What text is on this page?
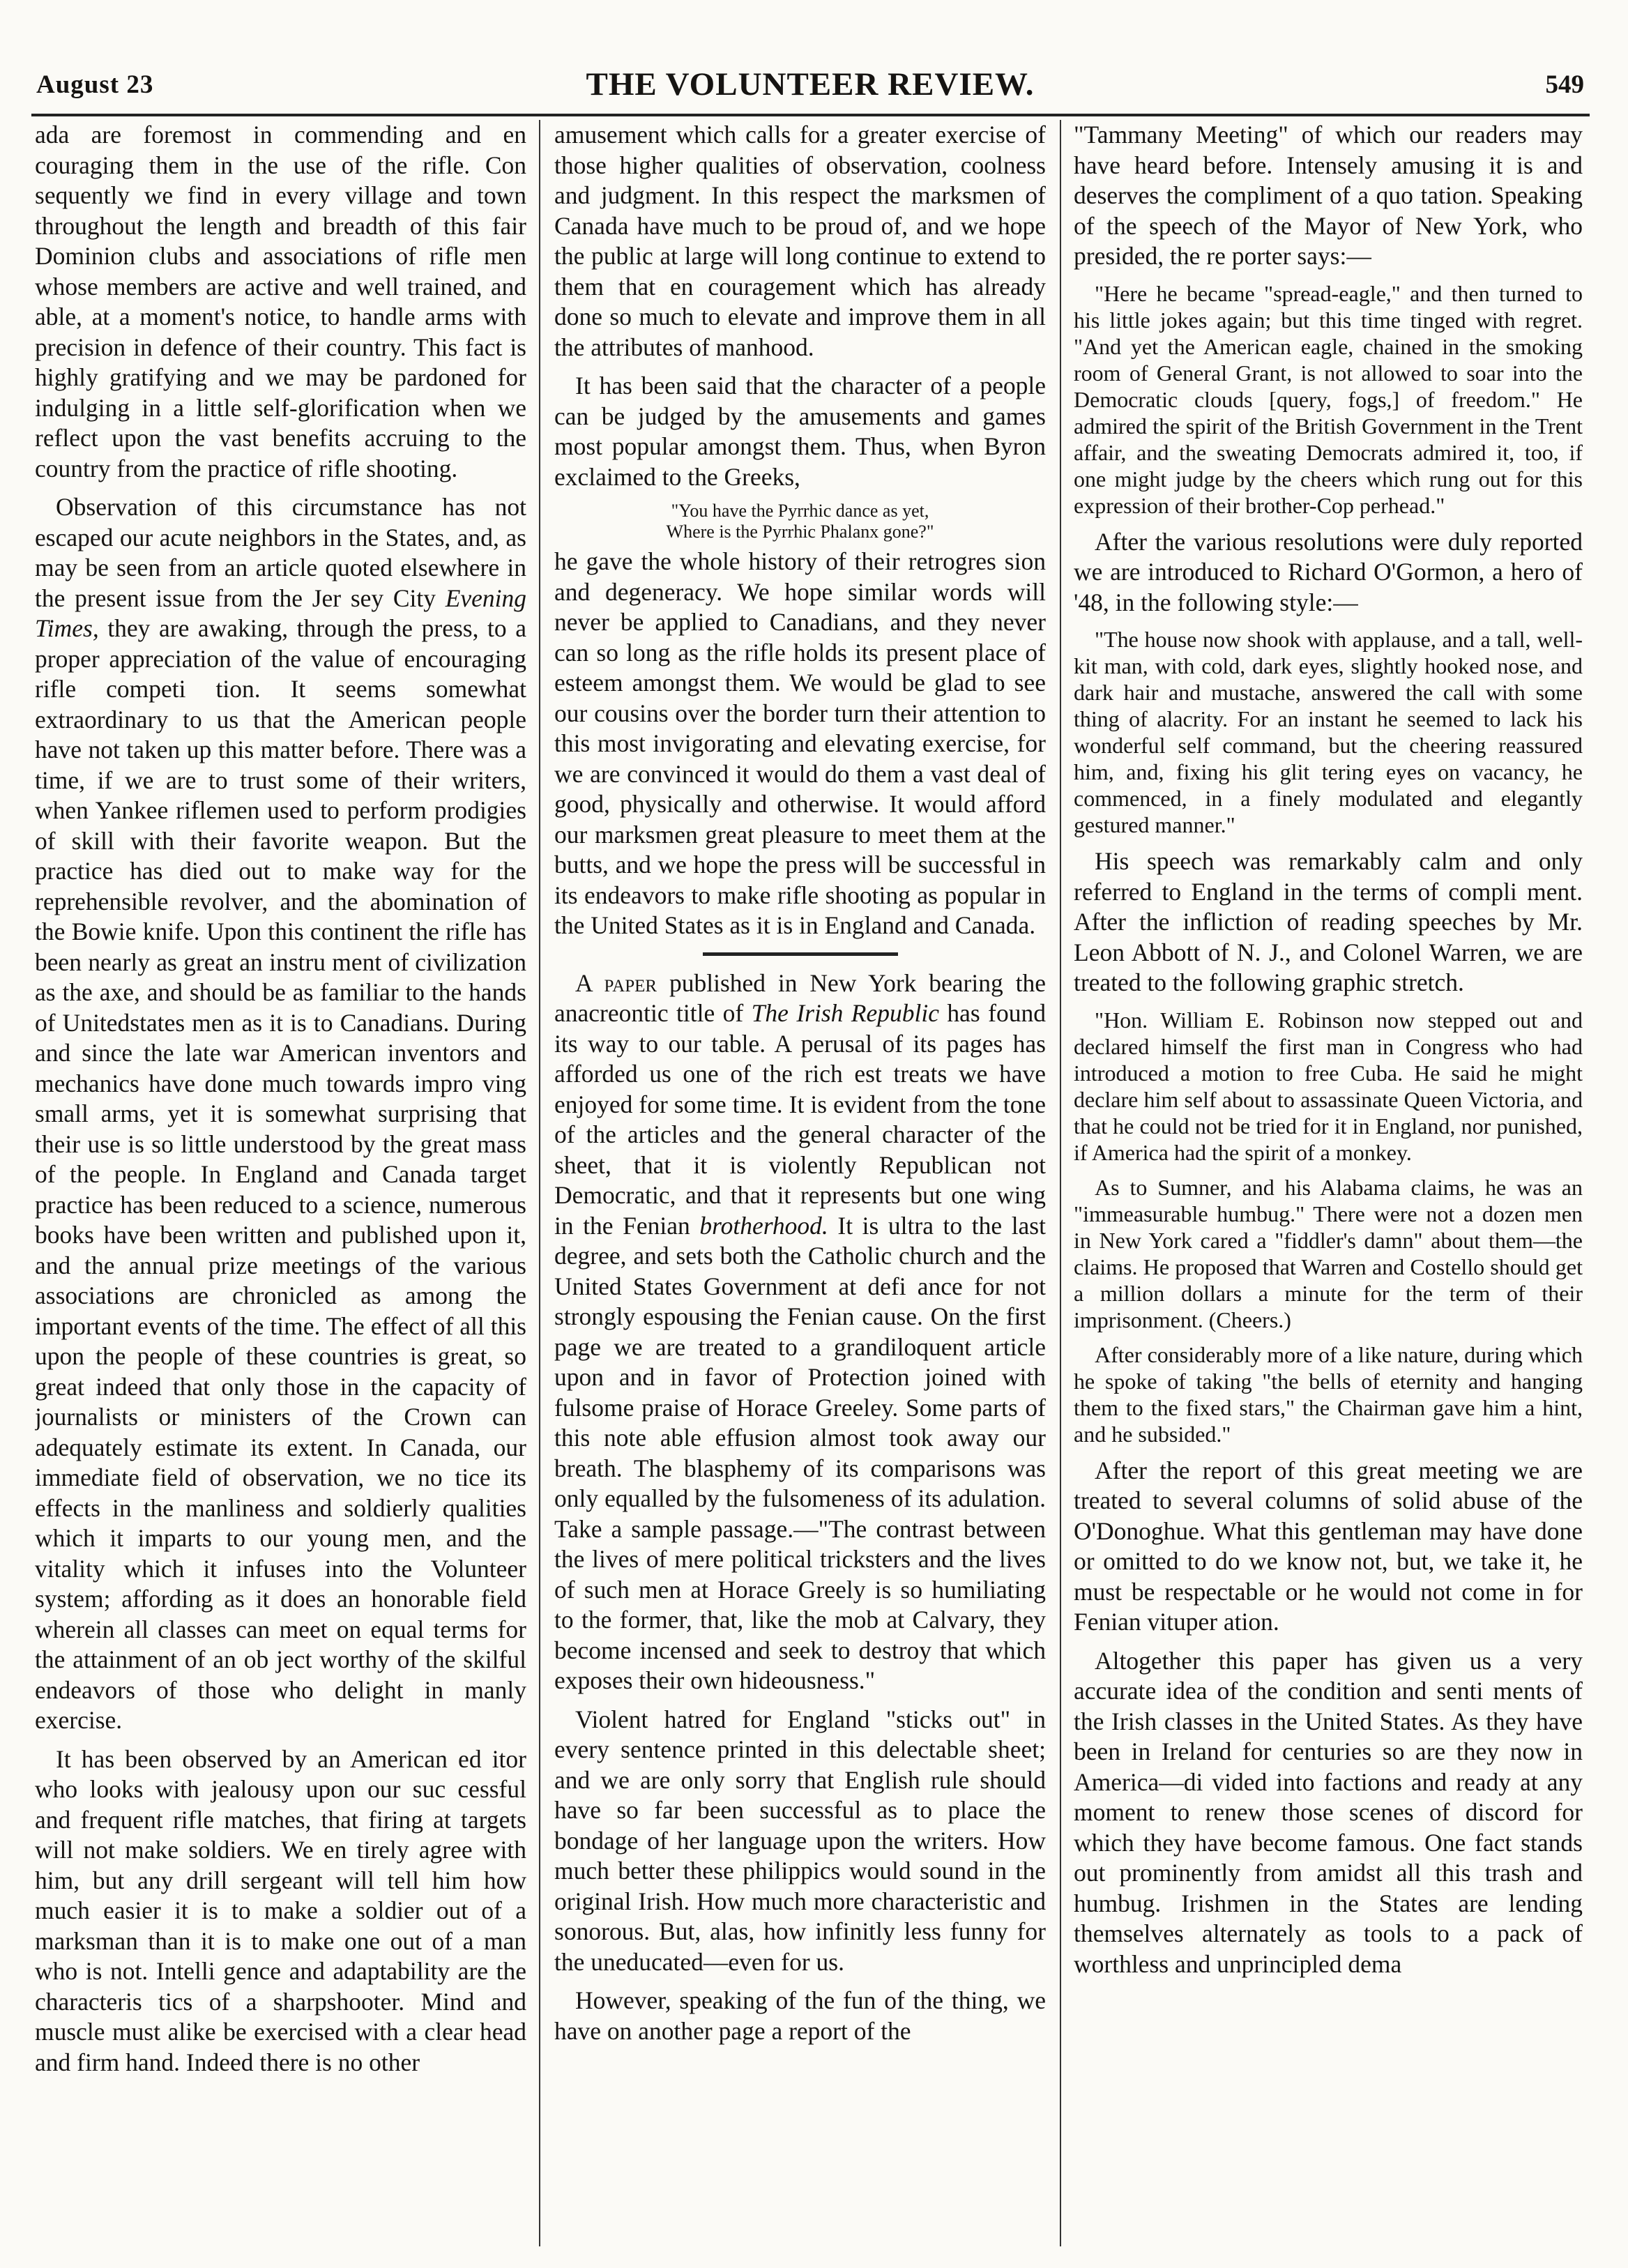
August 23	THE VOLUNTEER REVIEW.	549

ada are foremost in commending and en couraging them in the use of the rifle. Con sequently we find in every village and town throughout the length and breadth of this fair Dominion clubs and associations of rifle men whose members are active and well trained, and able, at a moment's notice, to handle arms with precision in defence of their country. This fact is highly gratifying and we may be pardoned for indulging in a little self-glorification when we reflect upon the vast benefits accruing to the country from the practice of rifle shooting.

Observation of this circumstance has not escaped our acute neighbors in the States, and, as may be seen from an article quoted elsewhere in the present issue from the Jer sey City Evening Times, they are awaking, through the press, to a proper appreciation of the value of encouraging rifle competi tion. It seems somewhat extraordinary to us that the American people have not taken up this matter before. There was a time, if we are to trust some of their writers, when Yankee riflemen used to perform prodigies of skill with their favorite weapon. But the practice has died out to make way for the reprehensible revolver, and the abomination of the Bowie knife. Upon this continent the rifle has been nearly as great an instru ment of civilization as the axe, and should be as familiar to the hands of Unitedstates men as it is to Canadians. During and since the late war American inventors and mechanics have done much towards impro ving small arms, yet it is somewhat surprising that their use is so little understood by the great mass of the people. In England and Canada target practice has been reduced to a science, numerous books have been written and published upon it, and the annual prize meetings of the various associations are chronicled as among the important events of the time. The effect of all this upon the people of these countries is great, so great indeed that only those in the capacity of journalists or ministers of the Crown can adequately estimate its extent. In Canada, our immediate field of observation, we no tice its effects in the manliness and soldierly qualities which it imparts to our young men, and the vitality which it infuses into the Volunteer system; affording as it does an honorable field wherein all classes can meet on equal terms for the attainment of an ob ject worthy of the skilful endeavors of those who delight in manly exercise.

It has been observed by an American ed itor who looks with jealousy upon our suc cessful and frequent rifle matches, that firing at targets will not make soldiers. We en tirely agree with him, but any drill sergeant will tell him how much easier it is to make a soldier out of a marksman than it is to make one out of a man who is not. Intelli gence and adaptability are the characteris tics of a sharpshooter. Mind and muscle must alike be exercised with a clear head and firm hand. Indeed there is no other

amusement which calls for a greater exercise of those higher qualities of observation, coolness and judgment. In this respect the marksmen of Canada have much to be proud of, and we hope the public at large will long continue to extend to them that en couragement which has already done so much to elevate and improve them in all the attributes of manhood.

It has been said that the character of a people can be judged by the amusements and games most popular amongst them. Thus, when Byron exclaimed to the Greeks,

"You have the Pyrrhic dance as yet,
Where is the Pyrrhic Phalanx gone?"

he gave the whole history of their retrogres sion and degeneracy. We hope similar words will never be applied to Canadians, and they never can so long as the rifle holds its present place of esteem amongst them. We would be glad to see our cousins over the border turn their attention to this most invigorating and elevating exercise, for we are convinced it would do them a vast deal of good, physically and otherwise. It would afford our marksmen great pleasure to meet them at the butts, and we hope the press will be successful in its endeavors to make rifle shooting as popular in the United States as it is in England and Canada.

A paper published in New York bearing the anacreontic title of The Irish Republic has found its way to our table. A perusal of its pages has afforded us one of the rich est treats we have enjoyed for some time. It is evident from the tone of the articles and the general character of the sheet, that it is violently Republican not Democratic, and that it represents but one wing in the Fenian brotherhood. It is ultra to the last degree, and sets both the Catholic church and the United States Government at defi ance for not strongly espousing the Fenian cause. On the first page we are treated to a grandiloquent article upon and in favor of Protection joined with fulsome praise of Horace Greeley. Some parts of this note able effusion almost took away our breath. The blasphemy of its comparisons was only equalled by the fulsomeness of its adulation. Take a sample passage.—"The contrast between the lives of mere political tricksters and the lives of such men at Horace Greely is so humiliating to the former, that, like the mob at Calvary, they become incensed and seek to destroy that which exposes their own hideousness."

Violent hatred for England "sticks out" in every sentence printed in this delectable sheet; and we are only sorry that English rule should have so far been successful as to place the bondage of her language upon the writers. How much better these philippics would sound in the original Irish. How much more characteristic and sonorous. But, alas, how infinitly less funny for the uneducated—even for us.

However, speaking of the fun of the thing, we have on another page a report of the

"Tammany Meeting" of which our readers may have heard before. Intensely amusing it is and deserves the compliment of a quo tation. Speaking of the speech of the Mayor of New York, who presided, the re porter says:—

"Here he became "spread-eagle," and then turned to his little jokes again; but this time tinged with regret. "And yet the American eagle, chained in the smoking room of General Grant, is not allowed to soar into the Democratic clouds [query, fogs,] of freedom." He admired the spirit of the British Government in the Trent affair, and the sweating Democrats admired it, too, if one might judge by the cheers which rung out for this expression of their brother-Cop perhead."

After the various resolutions were duly reported we are introduced to Richard O'Gormon, a hero of '48, in the following style:—

"The house now shook with applause, and a tall, well-kit man, with cold, dark eyes, slightly hooked nose, and dark hair and mustache, answered the call with some thing of alacrity. For an instant he seemed to lack his wonderful self command, but the cheering reassured him, and, fixing his glit tering eyes on vacancy, he commenced, in a finely modulated and elegantly gestured manner."

His speech was remarkably calm and only referred to England in the terms of compli ment. After the infliction of reading speeches by Mr. Leon Abbott of N. J., and Colonel Warren, we are treated to the following graphic stretch.

"Hon. William E. Robinson now stepped out and declared himself the first man in Congress who had introduced a motion to free Cuba. He said he might declare him self about to assassinate Queen Victoria, and that he could not be tried for it in England, nor punished, if America had the spirit of a monkey.

As to Sumner, and his Alabama claims, he was an "immeasurable humbug." There were not a dozen men in New York cared a "fiddler's damn" about them—the claims. He proposed that Warren and Costello should get a million dollars a minute for the term of their imprisonment. (Cheers.)

After considerably more of a like nature, during which he spoke of taking "the bells of eternity and hanging them to the fixed stars," the Chairman gave him a hint, and he subsided."

After the report of this great meeting we are treated to several columns of solid abuse of the O'Donoghue. What this gentleman may have done or omitted to do we know not, but, we take it, he must be respectable or he would not come in for Fenian vituper ation.

Altogether this paper has given us a very accurate idea of the condition and senti ments of the Irish classes in the United States. As they have been in Ireland for centuries so are they now in America—di vided into factions and ready at any moment to renew those scenes of discord for which they have become famous. One fact stands out prominently from amidst all this trash and humbug. Irishmen in the States are lending themselves alternately as tools to a pack of worthless and unprincipled dema
